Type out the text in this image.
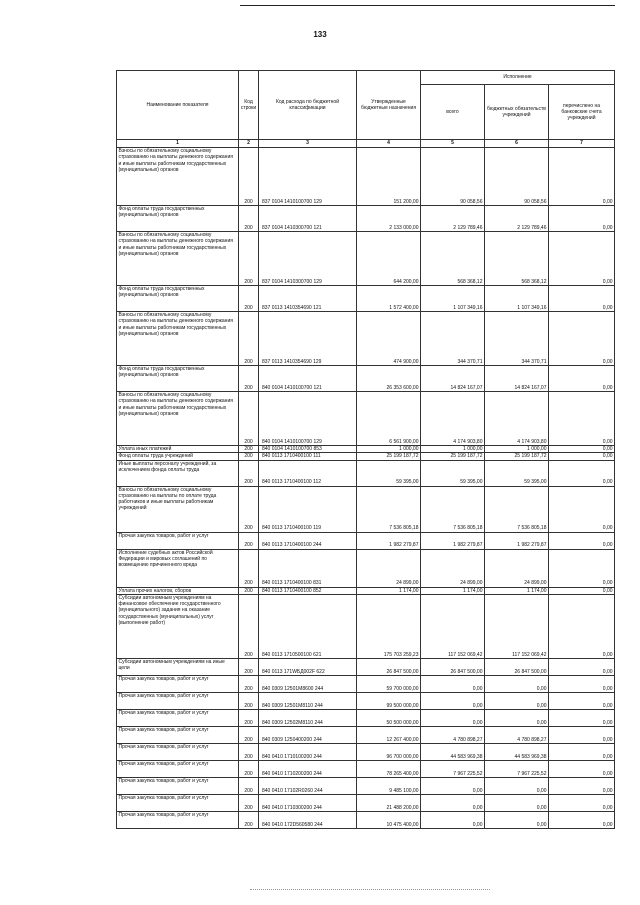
133
Наименование показателя	Код строки	Код расхода по бюджетной классификации	Утвержденные бюджетные назначения	Исполнение		
				всего	бюджетных обязательств учреждений	перечислено на банковские счета учреждений
1	2	3	4	5	6	7
Взносы по обязательному социальному страхованию на выплаты денежного содержания и иные выплаты работникам государственных (муниципальных) органов	200	837 0104 1410100700 129	151 200,00	90 058,56	90 058,56	0,00
Фонд оплаты труда государственных (муниципальных) органов	200	837 0104 1410300700 121	2 133 000,00	2 129 789,46	2 129 789,46	0,00
Взносы по обязательному социальному страхованию на выплаты денежного содержания и иные выплаты работникам государственных (муниципальных) органов	200	837 0104 1410300700 129	644 200,00	568 368,12	568 368,12	0,00
Фонд оплаты труда государственных (муниципальных) органов	200	837 0113 1410354690 121	1 572 400,00	1 107 349,16	1 107 349,16	0,00
Взносы по обязательному социальному страхованию на выплаты денежного содержания и иные выплаты работникам государственных (муниципальных) органов	200	837 0113 1410354690 129	474 900,00	344 370,71	344 370,71	0,00
Фонд оплаты труда государственных (муниципальных) органов	200	840 0104 1410100700 121	26 353 600,00	14 824 167,07	14 824 167,07	0,00
Взносы по обязательному социальному страхованию на выплаты денежного содержания и иные выплаты работникам государственных (муниципальных) органов	200	840 0104 1410100700 129	6 561 900,00	4 174 903,80	4 174 903,80	0,00
Уплата иных платежей	200	840 0104 1410100700 853	1 000,00	1 000,00	1 000,00	0,00
Фонд оплаты труда учреждений	200	840 0113 1710400100 111	25 199 187,72	25 199 187,72	25 199 187,72	0,00
Иные выплаты персоналу учреждений, за исключением фонда оплаты труда	200	840 0113 1710400100 112	59 395,00	59 395,00	59 395,00	0,00
Взносы по обязательному социальному страхованию на выплаты по оплате труда работников и иные выплаты работникам учреждений	200	840 0113 1710400100 119	7 536 805,18	7 536 805,18	7 536 805,18	0,00
Прочая закупка товаров, работ и услуг	200	840 0113 1710400100 244	1 982 279,87	1 982 279,87	1 982 279,87	0,00
Исполнение судебных актов Российской Федерации и мировых соглашений по возмещению причиненного вреда	200	840 0113 1710400100 831	24 899,00	24 899,00	24 899,00	0,00
Уплата прочих налогов, сборов	200	840 0113 1710400100 852	1 174,00	1 174,00	1 174,00	0,00
Субсидии автономным учреждениям на финансовое обеспечение государственного (муниципального) задания на оказание государственных (муниципальных) услуг (выполнение работ)	200	840 0113 1710500100 621	175 703 259,23	117 152 069,42	117 152 069,42	0,00
Субсидии автономным учреждениям на иные цели	200	840 0113 171WБД002F 622	26 847 500,00	26 847 500,00	26 847 500,00	0,00
Прочая закупка товаров, работ и услуг	200	840 0309 12501М8600 244	59 700 000,00	0,00	0,00	0,00
Прочая закупка товаров, работ и услуг	200	840 0309 12501М8110 244	99 500 000,00	0,00	0,00	0,00
Прочая закупка товаров, работ и услуг	200	840 0309 12502М8110 244	50 500 000,00	0,00	0,00	0,00
Прочая закупка товаров, работ и услуг	200	840 0309 1250400200 244	12 267 400,00	4 780 898,27	4 780 898,27	0,00
Прочая закупка товаров, работ и услуг	200	840 0410 1710100200 244	96 700 000,00	44 583 969,38	44 583 969,38	0,00
Прочая закупка товаров, работ и услуг	200	840 0410 1710200200 244	78 265 400,00	7 967 225,52	7 967 225,52	0,00
Прочая закупка товаров, работ и услуг	200	840 0410 17102R0260 244	9 485 100,00	0,00	0,00	0,00
Прочая закупка товаров, работ и услуг	200	840 0410 1710300200 244	21 488 200,00	0,00	0,00	0,00
Прочая закупка товаров, работ и услуг	200	840 0410 172D560580 244	10 475 400,00	0,00	0,00	0,00
